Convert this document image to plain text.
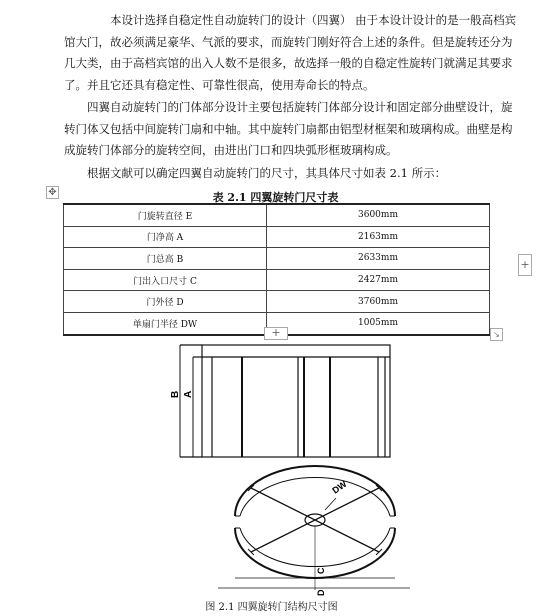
本设计选择自稳定性自动旋转门的设计（四翼） 由于本设计设计的是一般高档宾馆大门，故必须满足豪华、气派的要求，而旋转门刚好符合上述的条件。但是旋转还分为几大类，由于高档宾馆的出入人数不是很多，故选择一般的自稳定性旋转门就满足其要求了。并且它还具有稳定性、可靠性很高，使用寿命长的特点。

四翼自动旋转门的门体部分设计主要包括旋转门体部分设计和固定部分曲壁设计，旋转门体又包括中间旋转门扇和中轴。其中旋转门扇都由铝型材框架和玻璃构成。曲壁是构成旋转门体部分的旋转空间，由进出门口和四块弧形框玻璃构成。

根据文献可以确定四翼自动旋转门的尺寸，其具体尺寸如表 2.1 所示：

✥	表 2.1 四翼旋转门尺寸表
门旋转直径 E	3600mm
门净高 A	2163mm
门总高 B	2633mm
门出入口尺寸 C	2427mm
门外径 D	3760mm
单扇门半径 DW	1005mm
+
+	↘
B A
DW
C
D
图 2.1 四翼旋转门结构尺寸图
